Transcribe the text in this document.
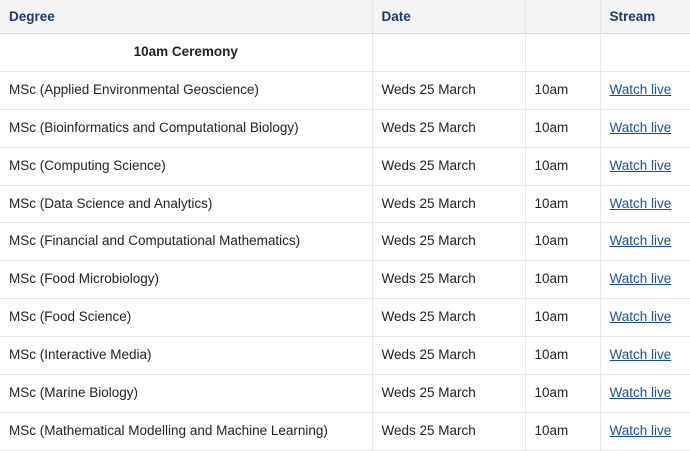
Degree	Date		Stream
10am Ceremony			
MSc (Applied Environmental Geoscience)	Weds 25 March	10am	Watch live
MSc (Bioinformatics and Computational Biology)	Weds 25 March	10am	Watch live
MSc (Computing Science)	Weds 25 March	10am	Watch live
MSc (Data Science and Analytics)	Weds 25 March	10am	Watch live
MSc (Financial and Computational Mathematics)	Weds 25 March	10am	Watch live
MSc (Food Microbiology)	Weds 25 March	10am	Watch live
MSc (Food Science)	Weds 25 March	10am	Watch live
MSc (Interactive Media)	Weds 25 March	10am	Watch live
MSc (Marine Biology)	Weds 25 March	10am	Watch live
MSc (Mathematical Modelling and Machine Learning)	Weds 25 March	10am	Watch live
